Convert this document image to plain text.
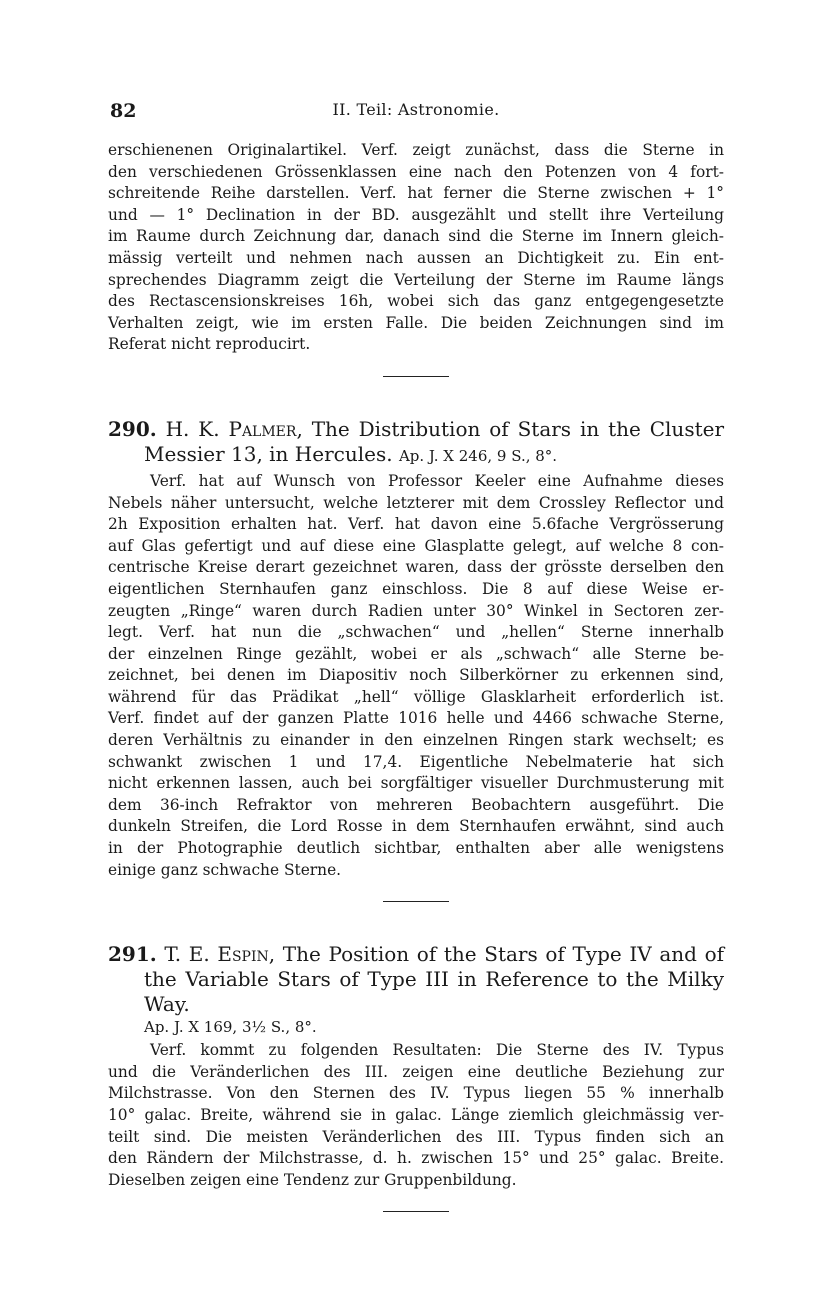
82	II. Teil: Astronomie.
erschienenen Originalartikel. Verf. zeigt zunächst, dass die Sterne in
den verschiedenen Grössenklassen eine nach den Potenzen von 4 fort-
schreitende Reihe darstellen. Verf. hat ferner die Sterne zwischen + 1°
und — 1° Declination in der BD. ausgezählt und stellt ihre Verteilung
im Raume durch Zeichnung dar, danach sind die Sterne im Innern gleich-
mässig verteilt und nehmen nach aussen an Dichtigkeit zu. Ein ent-
sprechendes Diagramm zeigt die Verteilung der Sterne im Raume längs
des Rectascensionskreises 16h, wobei sich das ganz entgegengesetzte
Verhalten zeigt, wie im ersten Falle. Die beiden Zeichnungen sind im
Referat nicht reproducirt.
290. H. K. Palmer, The Distribution of Stars in the Cluster Messier 13, in Hercules. Ap. J. X 246, 9 S., 8°.
Verf. hat auf Wunsch von Professor Keeler eine Aufnahme dieses
Nebels näher untersucht, welche letzterer mit dem Crossley Reflector und
2h Exposition erhalten hat. Verf. hat davon eine 5.6fache Vergrösserung
auf Glas gefertigt und auf diese eine Glasplatte gelegt, auf welche 8 con-
centrische Kreise derart gezeichnet waren, dass der grösste derselben den
eigentlichen Sternhaufen ganz einschloss. Die 8 auf diese Weise er-
zeugten „Ringe“ waren durch Radien unter 30° Winkel in Sectoren zer-
legt. Verf. hat nun die „schwachen“ und „hellen“ Sterne innerhalb
der einzelnen Ringe gezählt, wobei er als „schwach“ alle Sterne be-
zeichnet, bei denen im Diapositiv noch Silberkörner zu erkennen sind,
während für das Prädikat „hell“ völlige Glasklarheit erforderlich ist.
Verf. findet auf der ganzen Platte 1016 helle und 4466 schwache Sterne,
deren Verhältnis zu einander in den einzelnen Ringen stark wechselt; es
schwankt zwischen 1 und 17,4. Eigentliche Nebelmaterie hat sich
nicht erkennen lassen, auch bei sorgfältiger visueller Durchmusterung mit
dem 36-inch Refraktor von mehreren Beobachtern ausgeführt. Die
dunkeln Streifen, die Lord Rosse in dem Sternhaufen erwähnt, sind auch
in der Photographie deutlich sichtbar, enthalten aber alle wenigstens
einige ganz schwache Sterne.
291. T. E. Espin, The Position of the Stars of Type IV and of the Variable Stars of Type III in Reference to the Milky Way.
Ap. J. X 169, 3½ S., 8°.
Verf. kommt zu folgenden Resultaten: Die Sterne des IV. Typus
und die Veränderlichen des III. zeigen eine deutliche Beziehung zur
Milchstrasse. Von den Sternen des IV. Typus liegen 55 % innerhalb
10° galac. Breite, während sie in galac. Länge ziemlich gleichmässig ver-
teilt sind. Die meisten Veränderlichen des III. Typus finden sich an
den Rändern der Milchstrasse, d. h. zwischen 15° und 25° galac. Breite.
Dieselben zeigen eine Tendenz zur Gruppenbildung.
